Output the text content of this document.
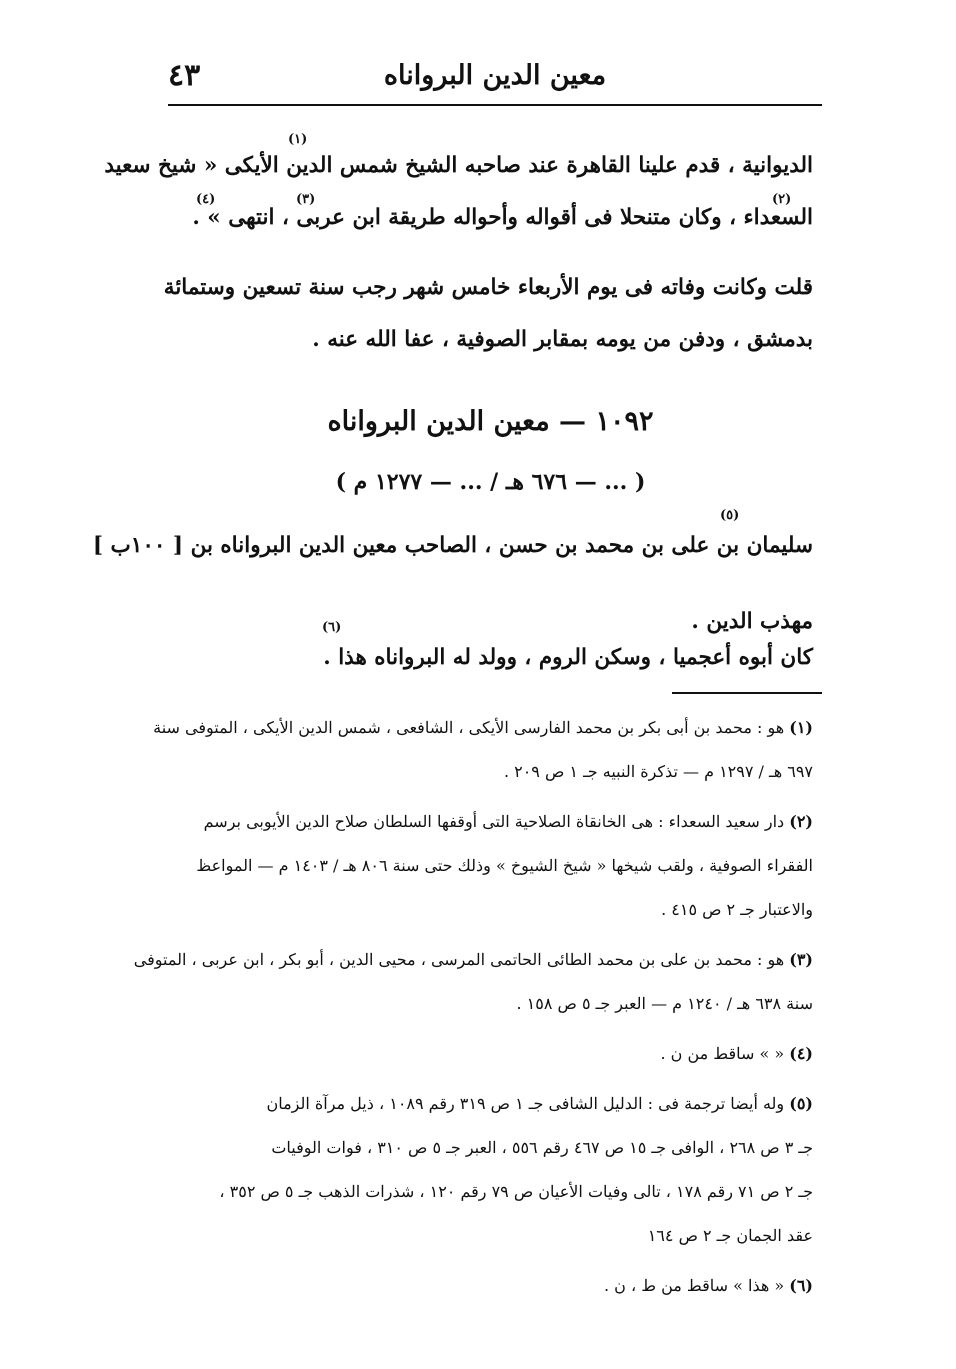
٤٣	معين الدين البرواناه
الديوانية ، قدم علينا القاهرة عند صاحبه الشيخ شمس الدين الأيكى « شيخ سعيد
السعداء ، وكان متنحلا فى أقواله وأحواله طريقة ابن عربى ، انتهى » .
(١)
(٢)
(٣)
(٤)
قلت وكانت وفاته فى يوم الأربعاء خامس شهر رجب سنة تسعين وستمائة
بدمشق ، ودفن من يومه بمقابر الصوفية ، عفا الله عنه .
١٠٩٢ — معين الدين البرواناه
( ... — ٦٧٦ هـ / ... — ١٢٧٧ م )
سليمان بن على بن محمد بن حسن ، الصاحب معين الدين البرواناه بن [ ١٠٠ب ]
مهذب الدين .
(٥)
كان أبوه أعجميا ، وسكن الروم ، وولد له البرواناه هذا .
(٦)
(١) هو : محمد بن أبى بكر بن محمد الفارسى الأيكى ، الشافعى ، شمس الدين الأيكى ، المتوفى سنة
٦٩٧ هـ / ١٢٩٧ م — تذكرة النبيه جـ ١ ص ٢٠٩ .
(٢) دار سعيد السعداء : هى الخانقاة الصلاحية التى أوقفها السلطان صلاح الدين الأيوبى برسم
الفقراء الصوفية ، ولقب شيخها « شيخ الشيوخ » وذلك حتى سنة ٨٠٦ هـ / ١٤٠٣ م — المواعظ
والاعتبار جـ ٢ ص ٤١٥ .
(٣) هو : محمد بن على بن محمد الطائى الحاتمى المرسى ، محيى الدين ، أبو بكر ، ابن عربى ، المتوفى
سنة ٦٣٨ هـ / ١٢٤٠ م — العبر جـ ٥ ص ١٥٨ .
(٤) « » ساقط من ن .
(٥) وله أيضا ترجمة فى : الدليل الشافى جـ ١ ص ٣١٩ رقم ١٠٨٩ ، ذيل مرآة الزمان
جـ ٣ ص ٢٦٨ ، الوافى جـ ١٥ ص ٤٦٧ رقم ٥٥٦ ، العبر جـ ٥ ص ٣١٠ ، فوات الوفيات
جـ ٢ ص ٧١ رقم ١٧٨ ، تالى وفيات الأعيان ص ٧٩ رقم ١٢٠ ، شذرات الذهب جـ ٥ ص ٣٥٢ ،
عقد الجمان جـ ٢ ص ١٦٤
(٦) « هذا » ساقط من ط ، ن .
